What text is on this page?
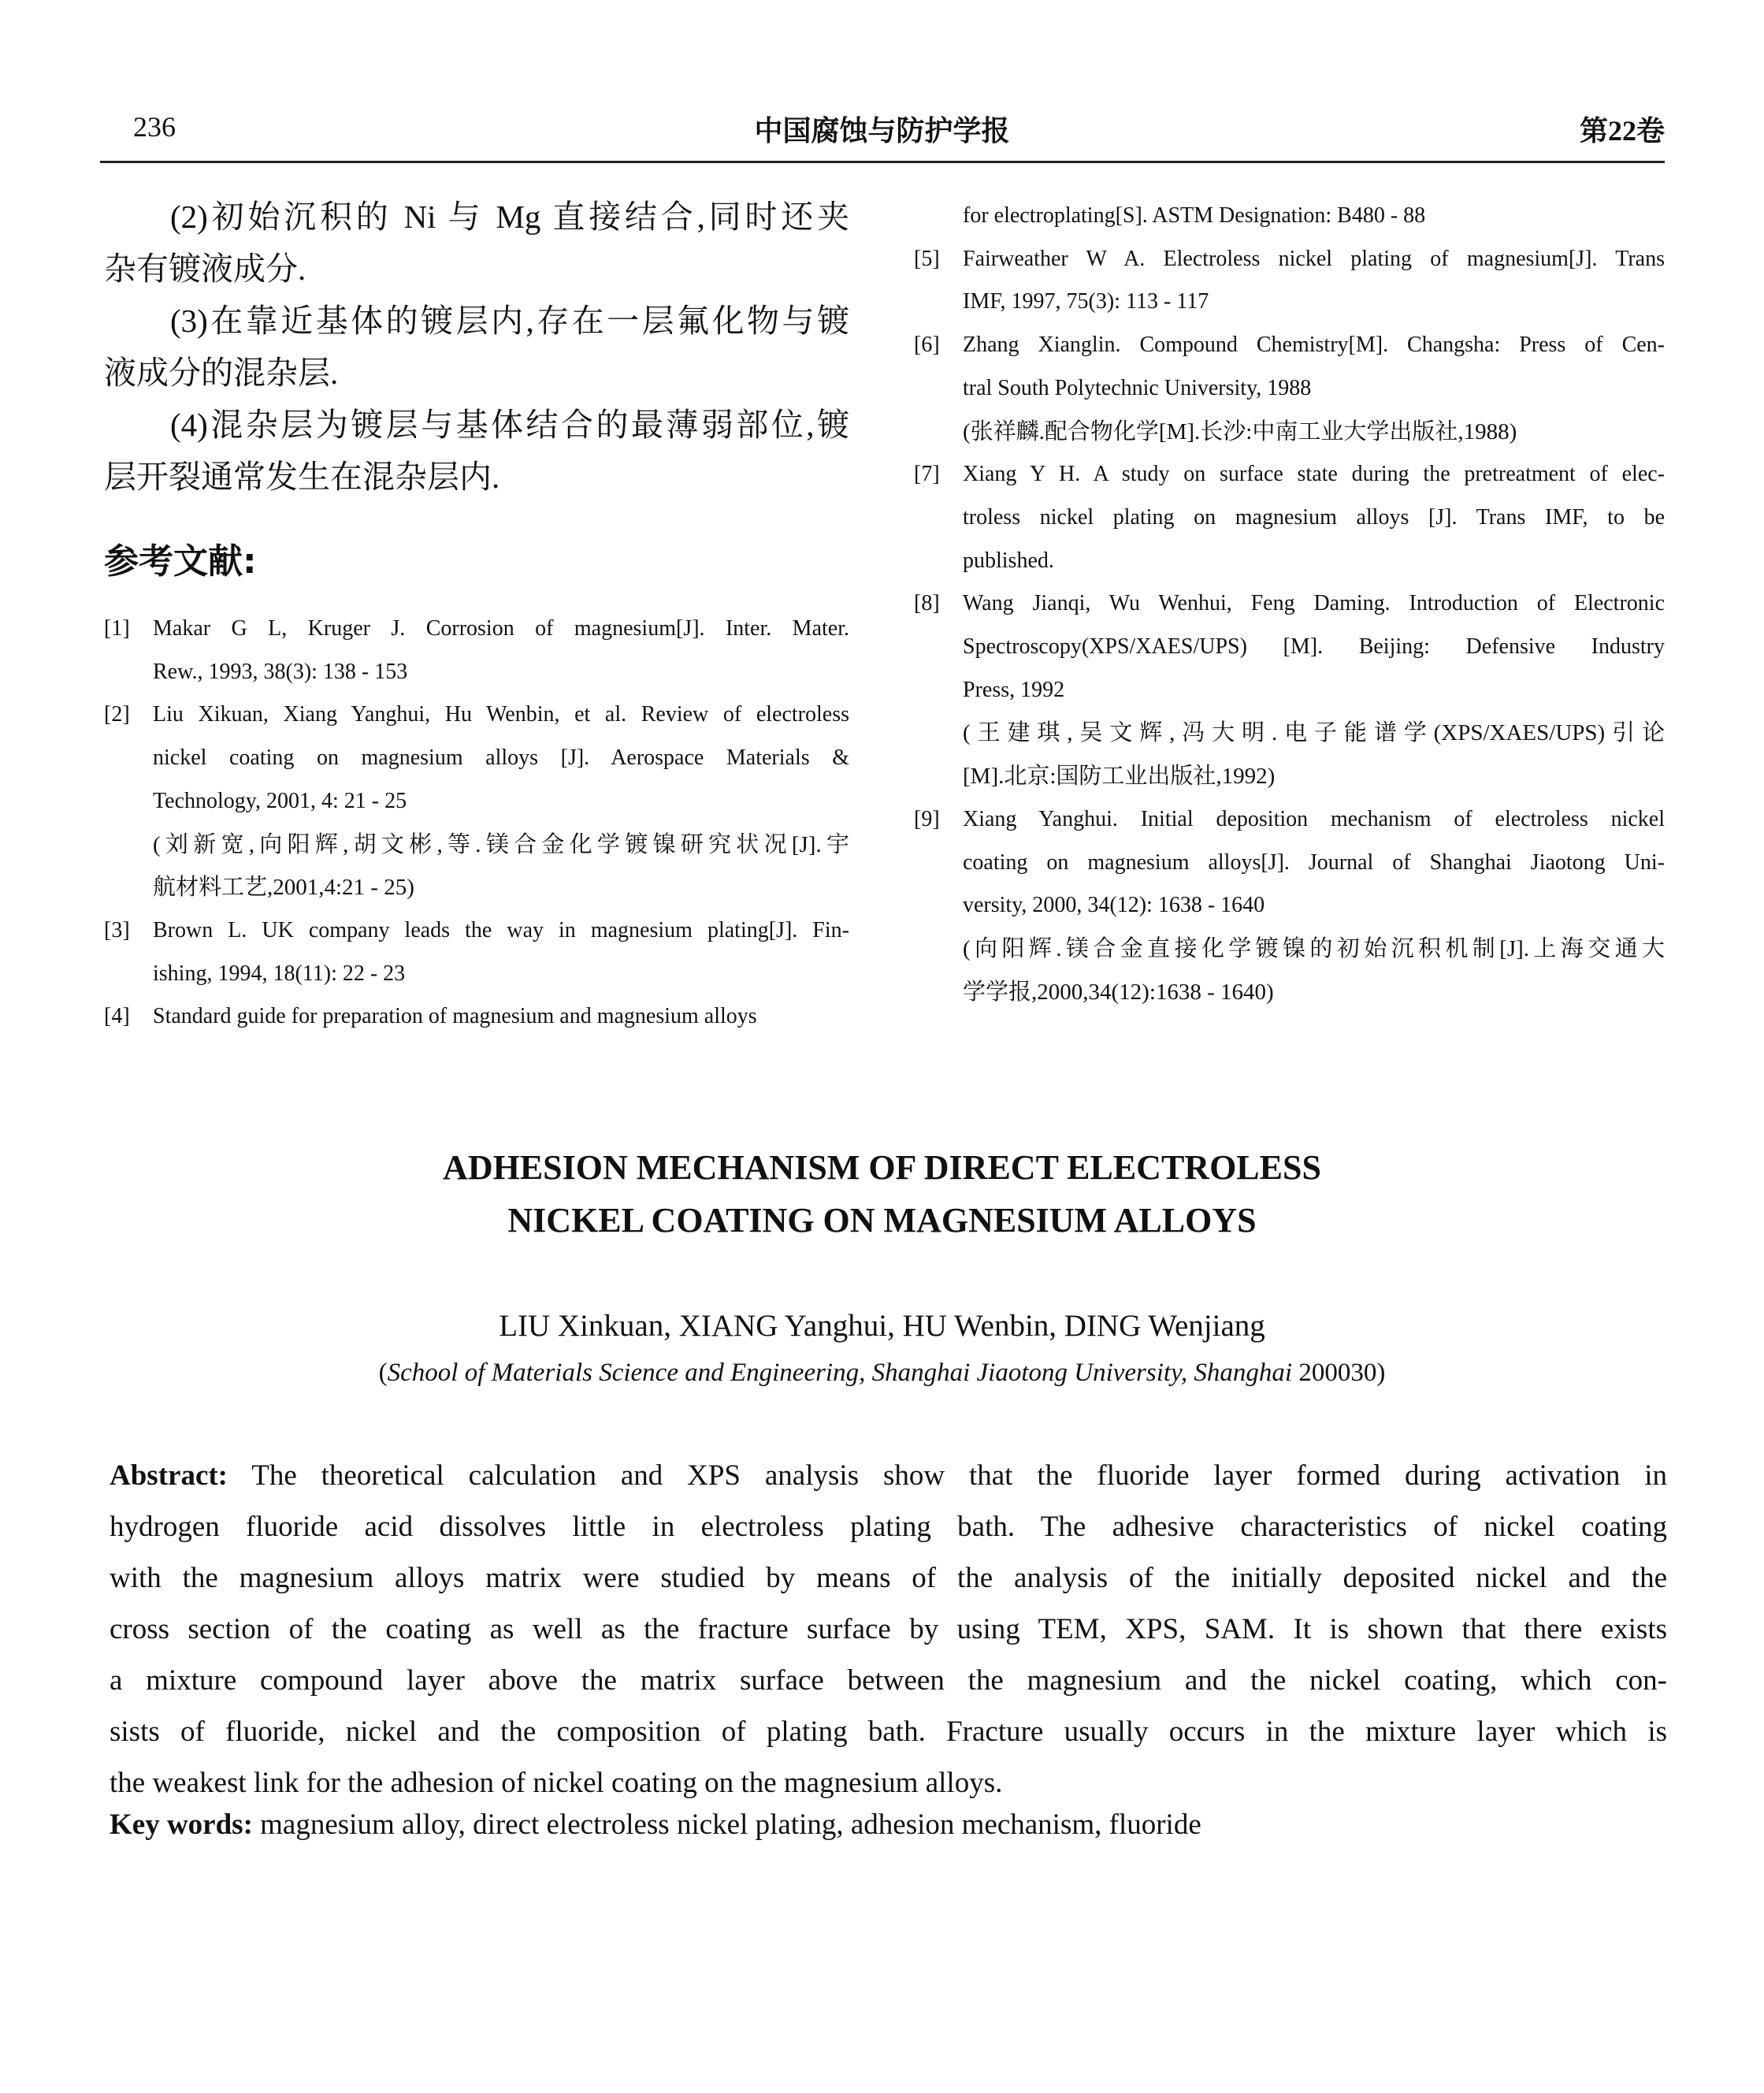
236	中国腐蚀与防护学报	第22卷
(2)初始沉积的 Ni 与 Mg 直接结合,同时还夹
杂有镀液成分.
(3)在靠近基体的镀层内,存在一层氟化物与镀
液成分的混杂层.
(4)混杂层为镀层与基体结合的最薄弱部位,镀
层开裂通常发生在混杂层内.
参考文献:
[1] Makar G L, Kruger J. Corrosion of magnesium[J]. Inter. Mater.
Rew., 1993, 38(3): 138 - 153
[2] Liu Xikuan, Xiang Yanghui, Hu Wenbin, et al. Review of electroless
nickel coating on magnesium alloys [J]. Aerospace Materials &
Technology, 2001, 4: 21 - 25
(刘新宽,向阳辉,胡文彬,等.镁合金化学镀镍研究状况[J].宇
航材料工艺,2001,4:21 - 25)
[3] Brown L. UK company leads the way in magnesium plating[J]. Fin-
ishing, 1994, 18(11): 22 - 23
[4] Standard guide for preparation of magnesium and magnesium alloys
for electroplating[S]. ASTM Designation: B480 - 88
[5] Fairweather W A. Electroless nickel plating of magnesium[J]. Trans
IMF, 1997, 75(3): 113 - 117
[6] Zhang Xianglin. Compound Chemistry[M]. Changsha: Press of Cen-
tral South Polytechnic University, 1988
(张祥麟.配合物化学[M].长沙:中南工业大学出版社,1988)
[7] Xiang Y H. A study on surface state during the pretreatment of elec-
troless nickel plating on magnesium alloys [J]. Trans IMF, to be
published.
[8] Wang Jianqi, Wu Wenhui, Feng Daming. Introduction of Electronic
Spectroscopy(XPS/XAES/UPS) [M]. Beijing: Defensive Industry
Press, 1992
(王建琪,吴文辉,冯大明.电子能谱学(XPS/XAES/UPS)引论
[M].北京:国防工业出版社,1992)
[9] Xiang Yanghui. Initial deposition mechanism of electroless nickel
coating on magnesium alloys[J]. Journal of Shanghai Jiaotong Uni-
versity, 2000, 34(12): 1638 - 1640
(向阳辉.镁合金直接化学镀镍的初始沉积机制[J].上海交通大
学学报,2000,34(12):1638 - 1640)
ADHESION MECHANISM OF DIRECT ELECTROLESS
NICKEL COATING ON MAGNESIUM ALLOYS
LIU Xinkuan, XIANG Yanghui, HU Wenbin, DING Wenjiang
(School of Materials Science and Engineering, Shanghai Jiaotong University, Shanghai 200030)
Abstract: The theoretical calculation and XPS analysis show that the fluoride layer formed during activation in
hydrogen fluoride acid dissolves little in electroless plating bath. The adhesive characteristics of nickel coating
with the magnesium alloys matrix were studied by means of the analysis of the initially deposited nickel and the
cross section of the coating as well as the fracture surface by using TEM, XPS, SAM. It is shown that there exists
a mixture compound layer above the matrix surface between the magnesium and the nickel coating, which con-
sists of fluoride, nickel and the composition of plating bath. Fracture usually occurs in the mixture layer which is
the weakest link for the adhesion of nickel coating on the magnesium alloys.
Key words: magnesium alloy, direct electroless nickel plating, adhesion mechanism, fluoride
